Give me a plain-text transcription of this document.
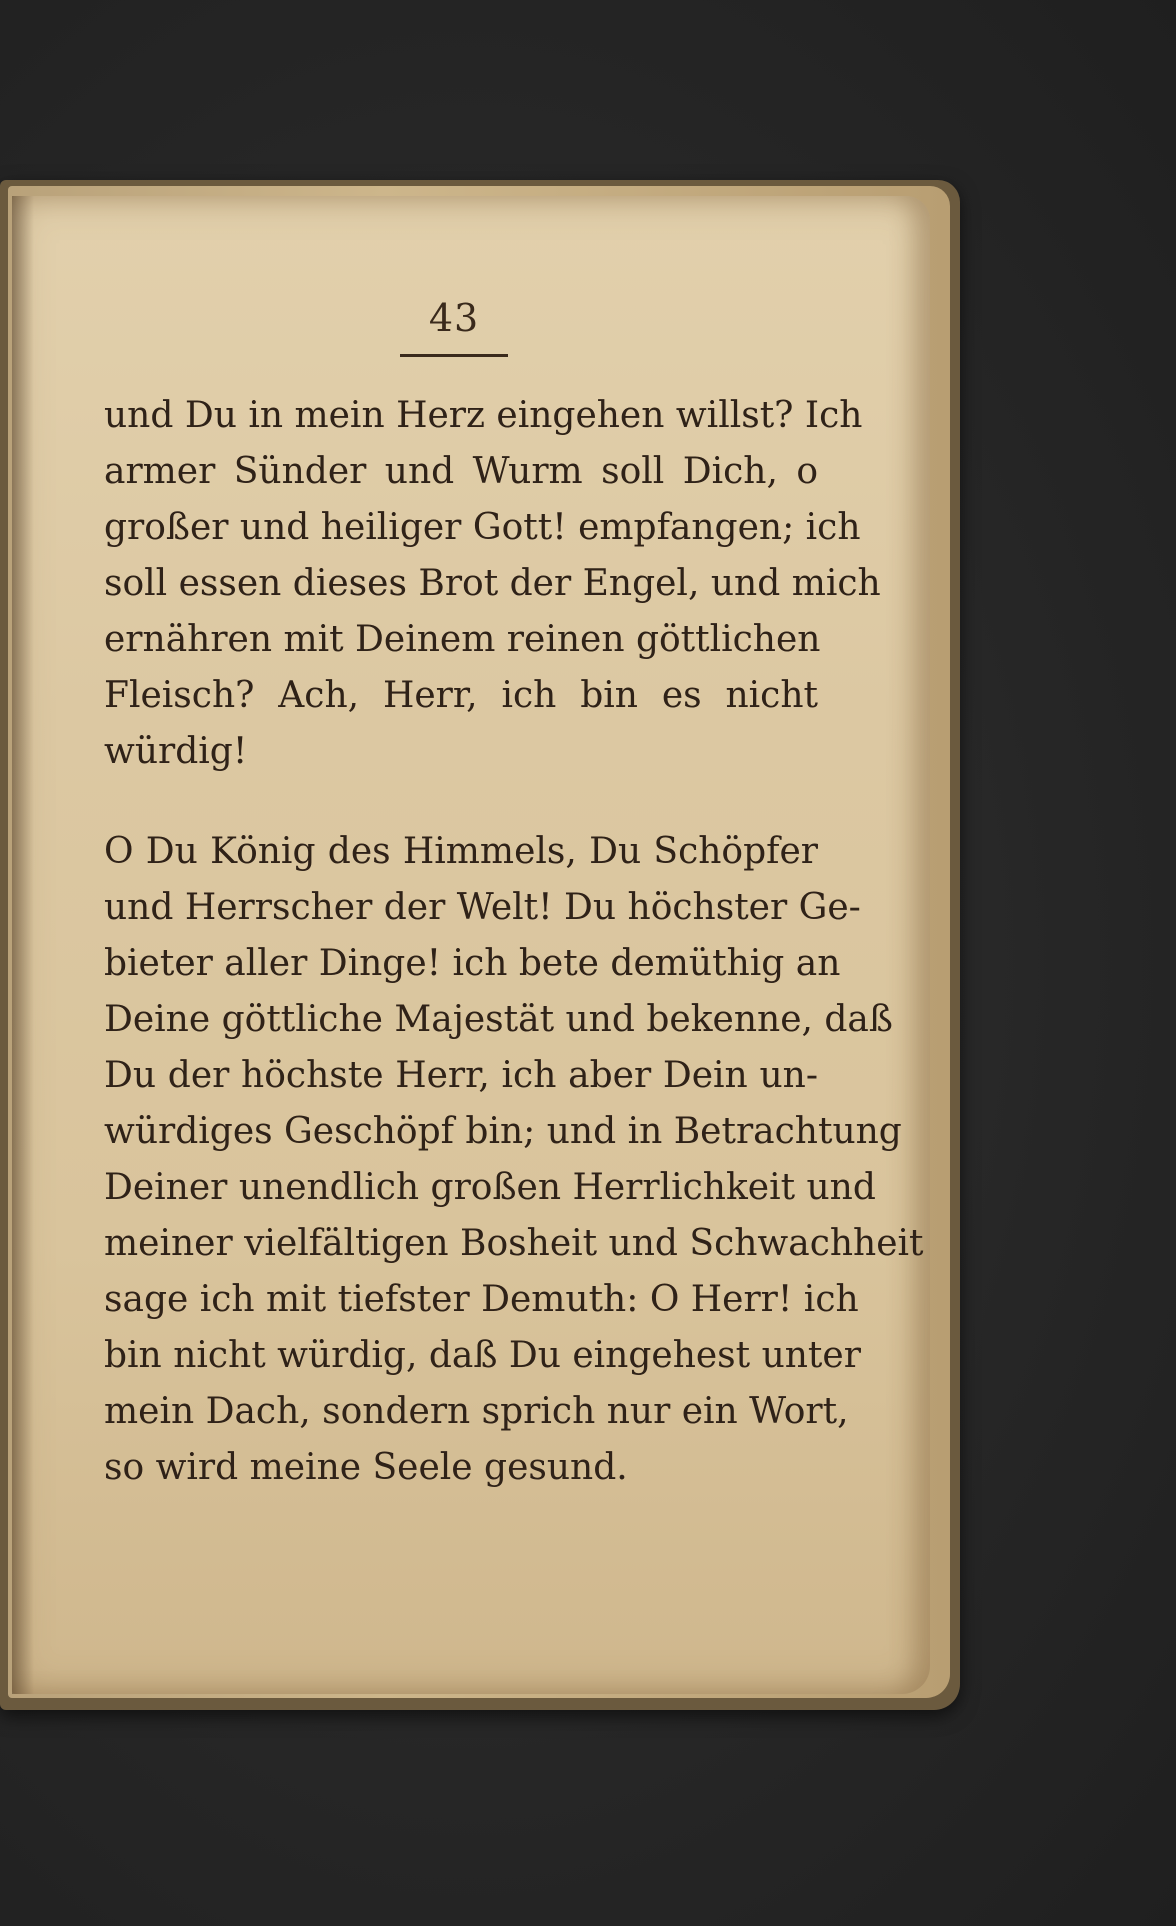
43
und Du in mein Herz eingehen willst? Ich
armer Sünder und Wurm soll Dich, o
großer und heiliger Gott! empfangen; ich
soll essen dieses Brot der Engel, und mich
ernähren mit Deinem reinen göttlichen
Fleisch? Ach, Herr, ich bin es nicht
würdig!
O Du König des Himmels, Du Schöpfer
und Herrscher der Welt! Du höchster Ge-
bieter aller Dinge! ich bete demüthig an
Deine göttliche Majestät und bekenne, daß
Du der höchste Herr, ich aber Dein un-
würdiges Geschöpf bin; und in Betrachtung
Deiner unendlich großen Herrlichkeit und
meiner vielfältigen Bosheit und Schwachheit
sage ich mit tiefster Demuth: O Herr! ich
bin nicht würdig, daß Du eingehest unter
mein Dach, sondern sprich nur ein Wort,
so wird meine Seele gesund.
